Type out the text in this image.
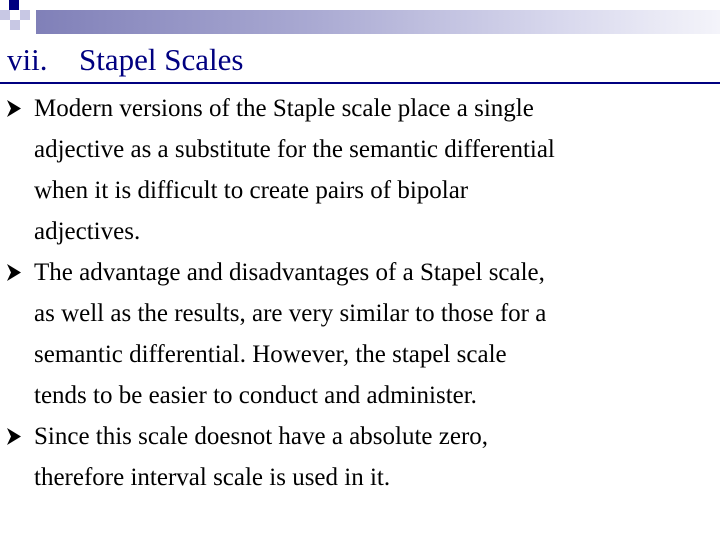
vii. Stapel Scales
Modern versions of the Staple scale place a single
adjective as a substitute for the semantic differential
when it is difficult to create pairs of bipolar
adjectives.
The advantage and disadvantages of a Stapel scale,
as well as the results, are very similar to those for a
semantic differential. However, the stapel scale
tends to be easier to conduct and administer.
Since this scale doesnot have a absolute zero,
therefore interval scale is used in it.
